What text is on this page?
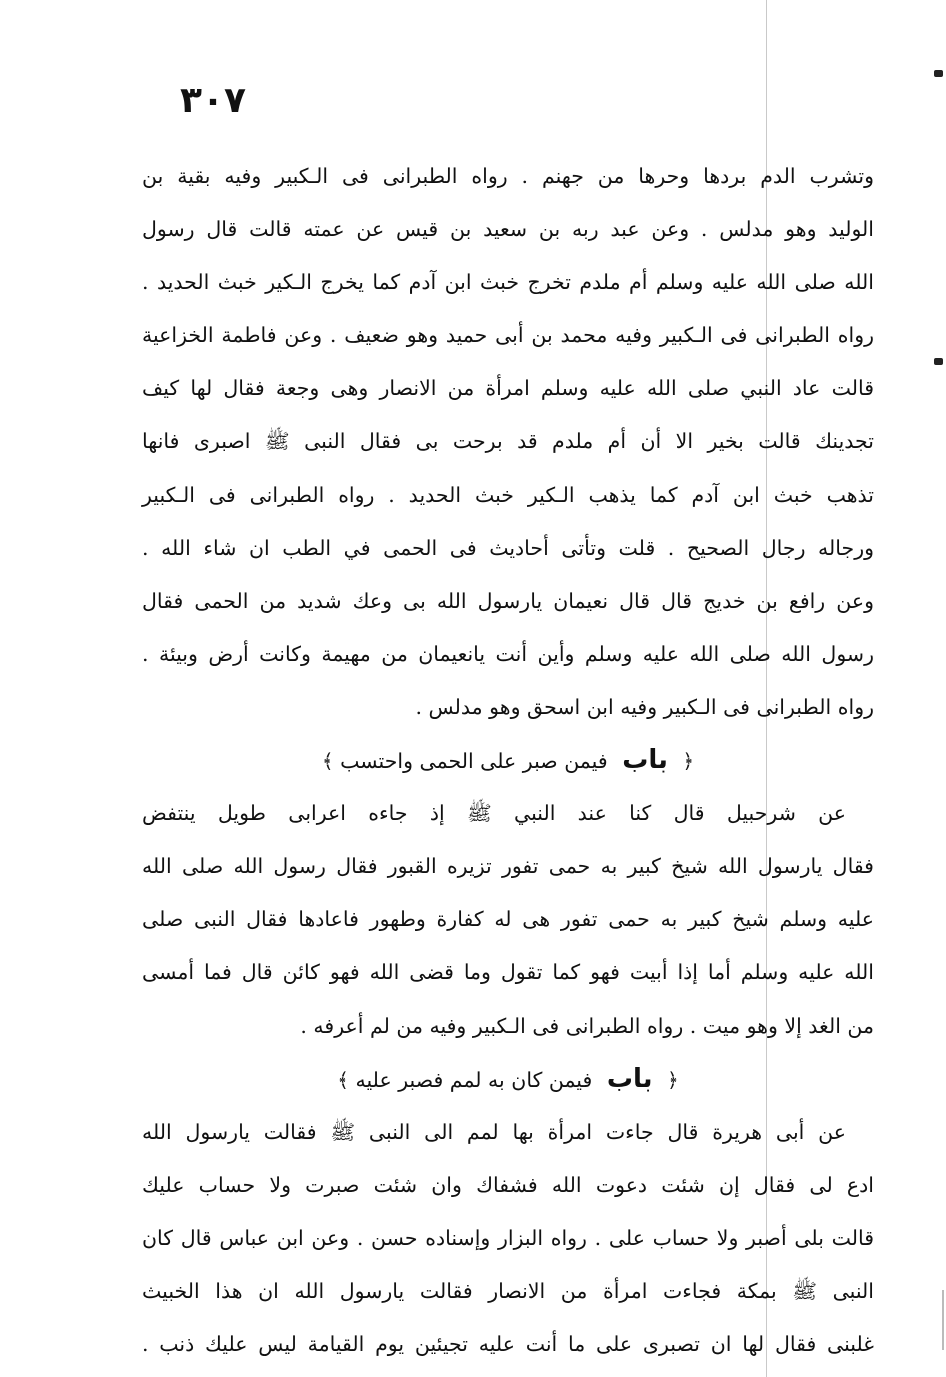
٣٠٧
وتشرب الدم بردها وحرها من جهنم . رواه الطبرانى فى الـكبير وفيه بقية بن
الوليد وهو مدلس . وعن عبد ربه بن سعيد بن قيس عن عمته قالت قال رسول
الله صلى الله عليه وسلم أم ملدم تخرج خبث ابن آدم كما يخرج الـكير خبث الحديد .
رواه الطبرانى فى الـكبير وفيه محمد بن أبى حميد وهو ضعيف . وعن فاطمة الخزاعية
قالت عاد النبي صلى الله عليه وسلم امرأة من الانصار وهى وجعة فقال لها كيف
تجدينك قالت بخير الا أن أم ملدم قد برحت بى فقال النبى ﷺ اصبرى فانها
تذهب خبث ابن آدم كما يذهب الـكير خبث الحديد . رواه الطبرانى فى الـكبير
ورجاله رجال الصحيح . قلت وتأتى أحاديث فى الحمى في الطب ان شاء الله .
وعن رافع بن خديج قال قال نعيمان يارسول الله بى وعك شديد من الحمى فقال
رسول الله صلى الله عليه وسلم وأين أنت يانعيمان من مهيمة وكانت أرض وبيئة .
رواه الطبرانى فى الـكبير وفيه ابن اسحق وهو مدلس .
﴿ باب فيمن صبر على الحمى واحتسب ﴾
عن شرحبيل قال كنا عند النبي ﷺ إذ جاءه اعرابى طويل ينتفض
فقال يارسول الله شيخ كبير به حمى تفور تزيره القبور فقال رسول الله صلى الله
عليه وسلم شيخ كبير به حمى تفور هى له كفارة وطهور فاعادها فقال النبى صلى
الله عليه وسلم أما إذا أبيت فهو كما تقول وما قضى الله فهو كائن قال فما أمسى
من الغد إلا وهو ميت . رواه الطبرانى فى الـكبير وفيه من لم أعرفه .
﴿ باب فيمن كان به لمم فصبر عليه ﴾
عن أبى هريرة قال جاءت امرأة بها لمم الى النبى ﷺ فقالت يارسول الله
ادع لى فقال إن شئت دعوت الله فشفاك وان شئت صبرت ولا حساب عليك
قالت بلى أصبر ولا حساب على . رواه البزار وإسناده حسن . وعن ابن عباس قال كان
النبى ﷺ بمكة فجاءت امرأة من الانصار فقالت يارسول الله ان هذا الخبيث
غلبنى فقال لها ان تصبرى على ما أنت عليه تجيئين يوم القيامة ليس عليك ذنب .
